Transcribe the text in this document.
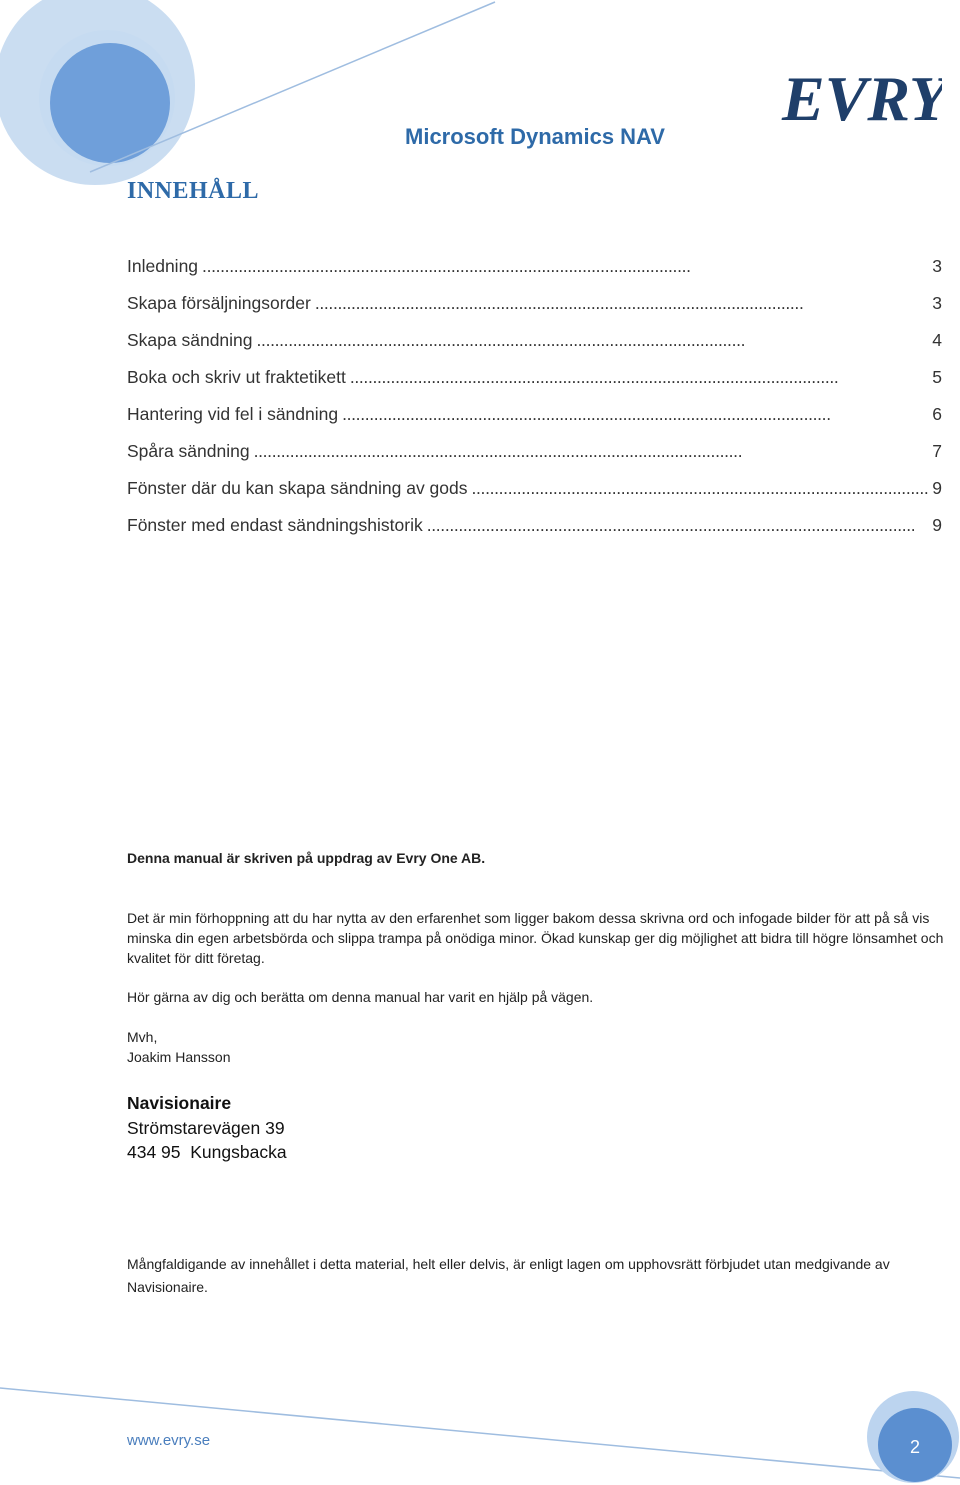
Microsoft Dynamics NAV
EVRY
INNEHÅLL
Inledning . . .	3
Skapa försäljningsorder . . .	3
Skapa sändning . . .	4
Boka och skriv ut fraktetikett . . .	5
Hantering vid fel i sändning . . .	6
Spåra sändning . . .	7
Fönster där du kan skapa sändning av gods . . .	9
Fönster med endast sändningshistorik . . .	9
Denna manual är skriven på uppdrag av Evry One AB.
Det är min förhoppning att du har nytta av den erfarenhet som ligger bakom dessa skrivna ord och infogade bilder för att på så vis minska din egen arbetsbörda och slippa trampa på onödiga minor. Ökad kunskap ger dig möjlighet att bidra till högre lönsamhet och kvalitet för ditt företag.
Hör gärna av dig och berätta om denna manual har varit en hjälp på vägen.
Mvh,
Joakim Hansson
Navisionaire
Strömstarevägen 39
434 95  Kungsbacka
Mångfaldigande av innehållet i detta material, helt eller delvis, är enligt lagen om upphovsrätt förbjudet utan medgivande av Navisionaire.
www.evry.se	2
